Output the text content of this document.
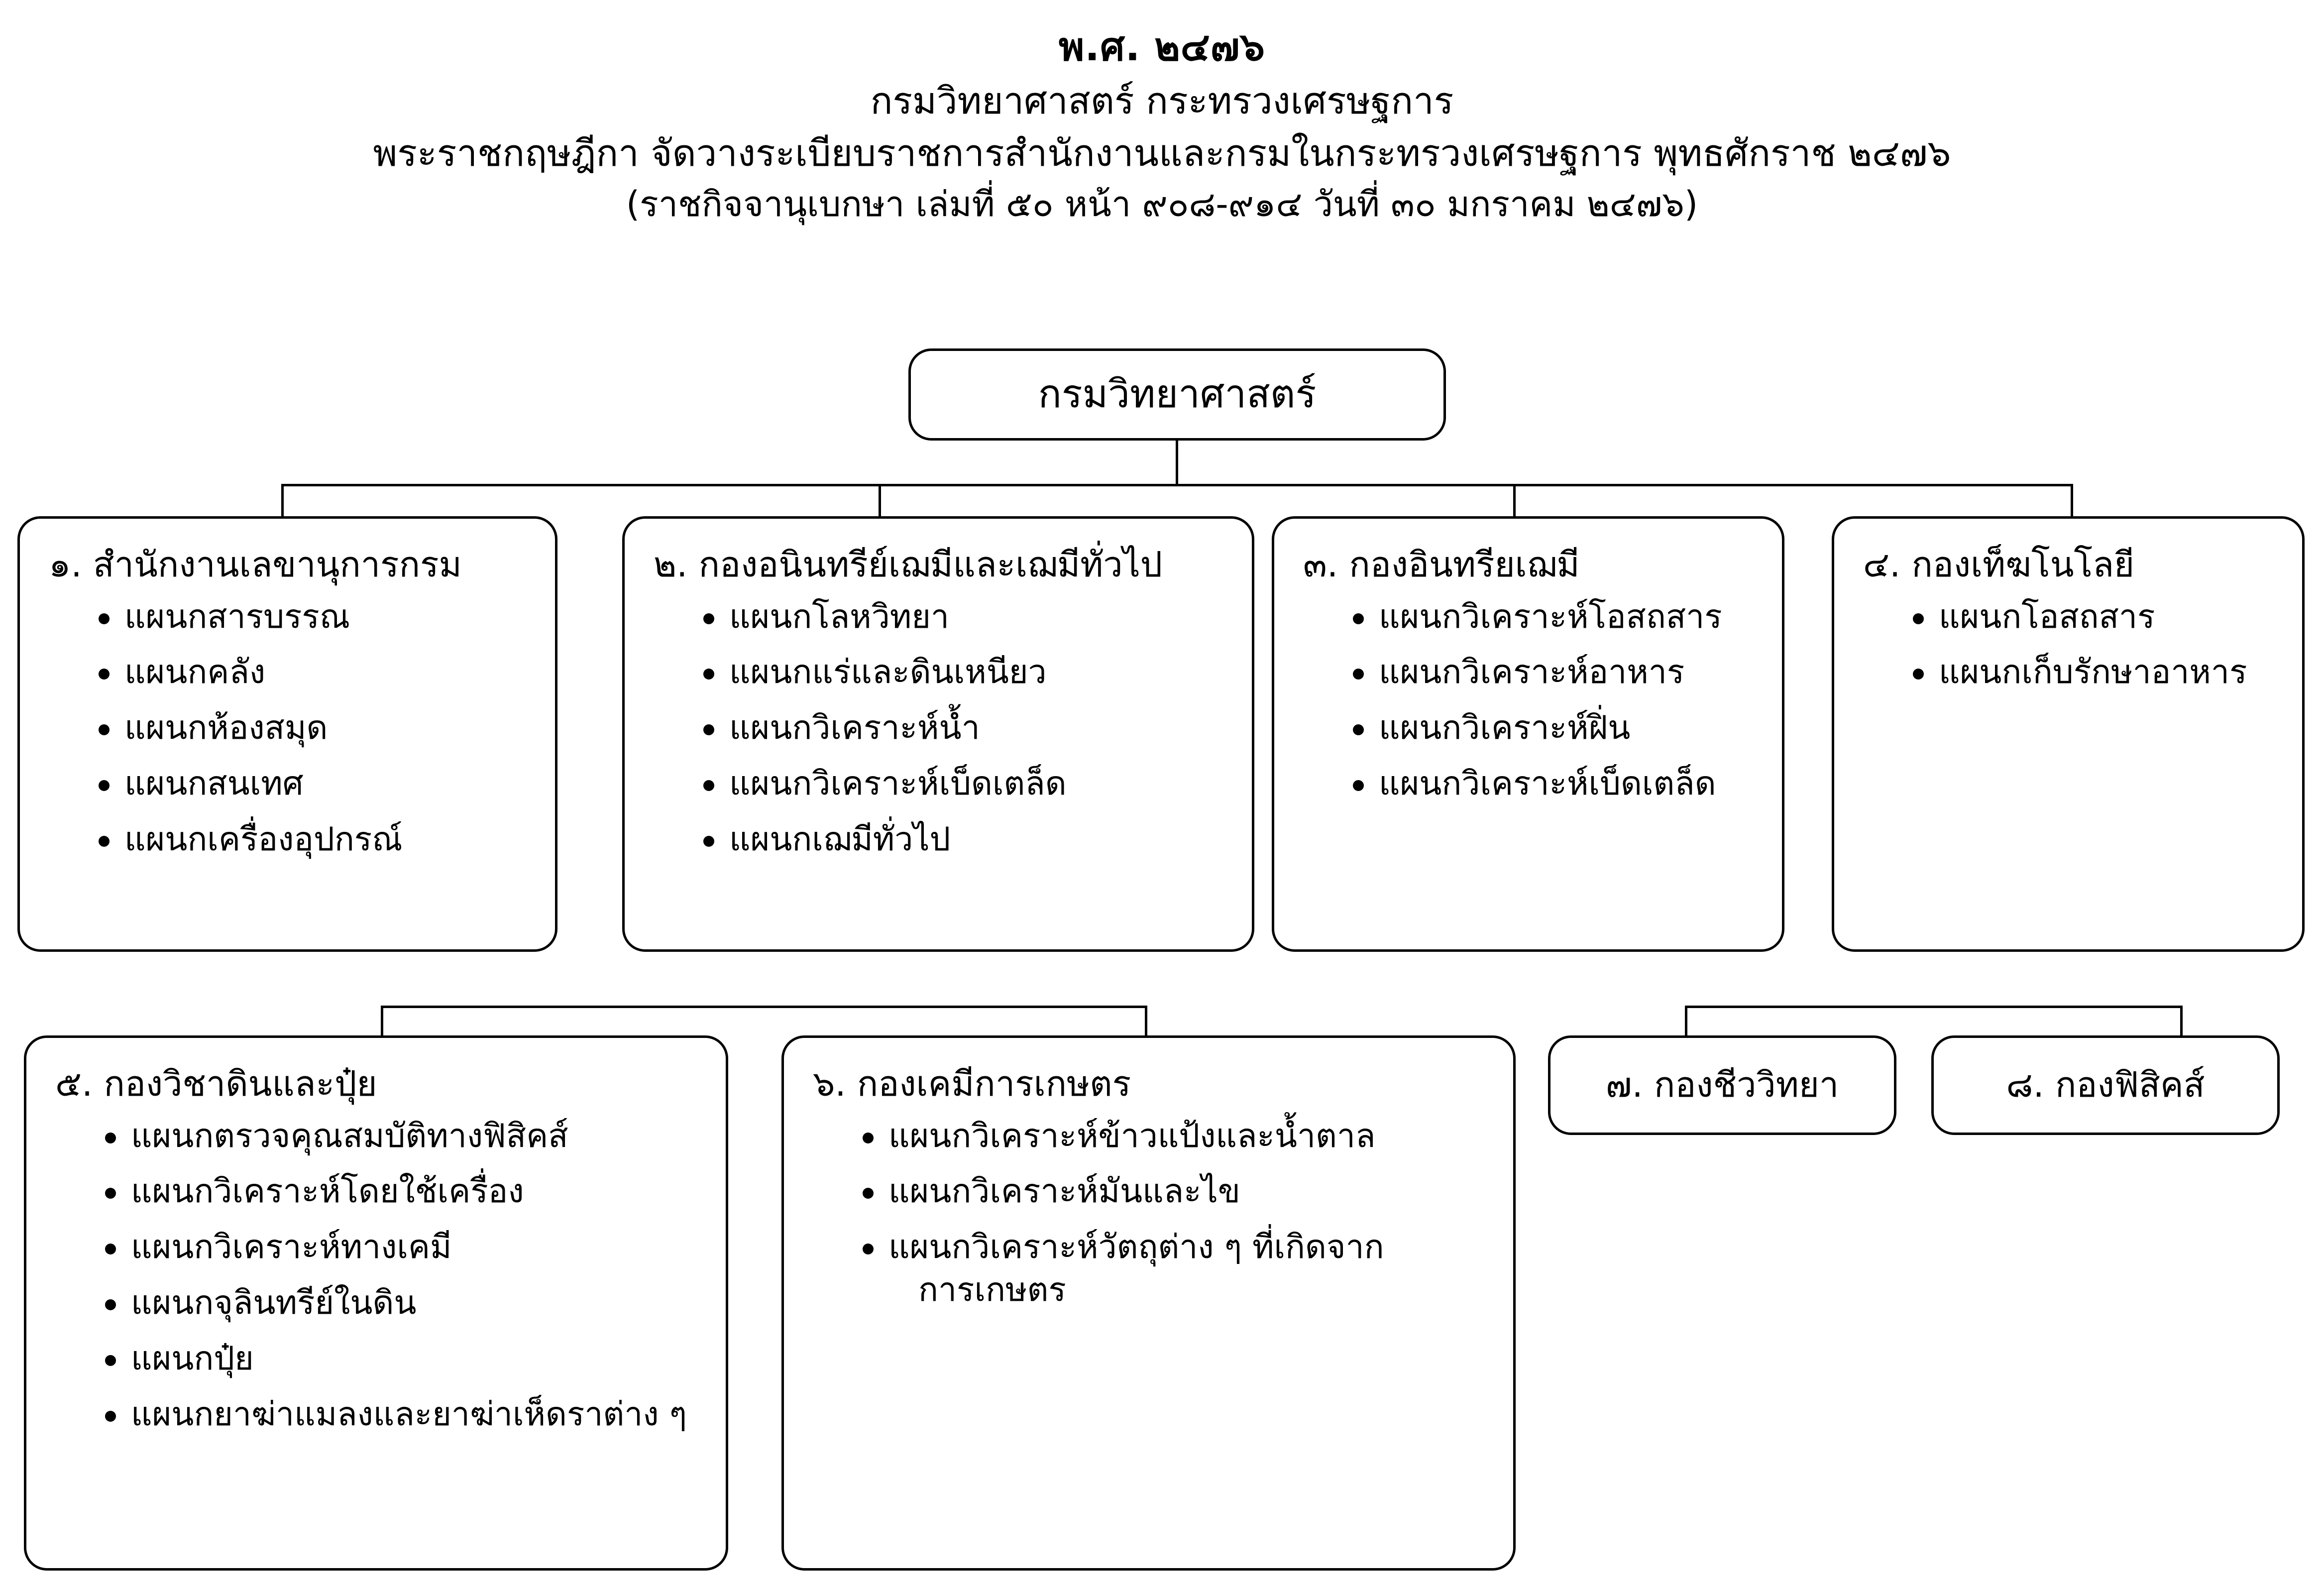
พ.ศ. ๒๔๗๖
กรมวิทยาศาสตร์ กระทรวงเศรษฐการ
พระราชกฤษฎีกา จัดวางระเบียบราชการสำนักงานและกรมในกระทรวงเศรษฐการ พุทธศักราช ๒๔๗๖
(ราชกิจจานุเบกษา เล่มที่ ๕๐ หน้า ๙๐๘-๙๑๔ วันที่ ๓๐ มกราคม ๒๔๗๖)
กรมวิทยาศาสตร์
๑. สำนักงานเลขานุการกรม
แผนกสารบรรณ
แผนกคลัง
แผนกห้องสมุด
แผนกสนเทศ
แผนกเครื่องอุปกรณ์
๒. กองอนินทรีย์เฌมีและเฌมีทั่วไป
แผนกโลหวิทยา
แผนกแร่และดินเหนียว
แผนกวิเคราะห์น้ำ
แผนกวิเคราะห์เบ็ดเตล็ด
แผนกเฌมีทั่วไป
๓. กองอินทรียเฌมี
แผนกวิเคราะห์โอสถสาร
แผนกวิเคราะห์อาหาร
แผนกวิเคราะห์ฝิ่น
แผนกวิเคราะห์เบ็ดเตล็ด
๔. กองเท็ฆโนโลยี
แผนกโอสถสาร
แผนกเก็บรักษาอาหาร
๕. กองวิชาดินและปุ๋ย
แผนกตรวจคุณสมบัติทางฟิสิคส์
แผนกวิเคราะห์โดยใช้เครื่อง
แผนกวิเคราะห์ทางเคมี
แผนกจุลินทรีย์ในดิน
แผนกปุ๋ย
แผนกยาฆ่าแมลงและยาฆ่าเห็ดราต่าง ๆ
๖. กองเคมีการเกษตร
แผนกวิเคราะห์ข้าวแป้งและน้ำตาล
แผนกวิเคราะห์มันและไข
แผนกวิเคราะห์วัตถุต่าง ๆ ที่เกิดจาก
การเกษตร
๗. กองชีววิทยา	๘. กองฟิสิคส์
